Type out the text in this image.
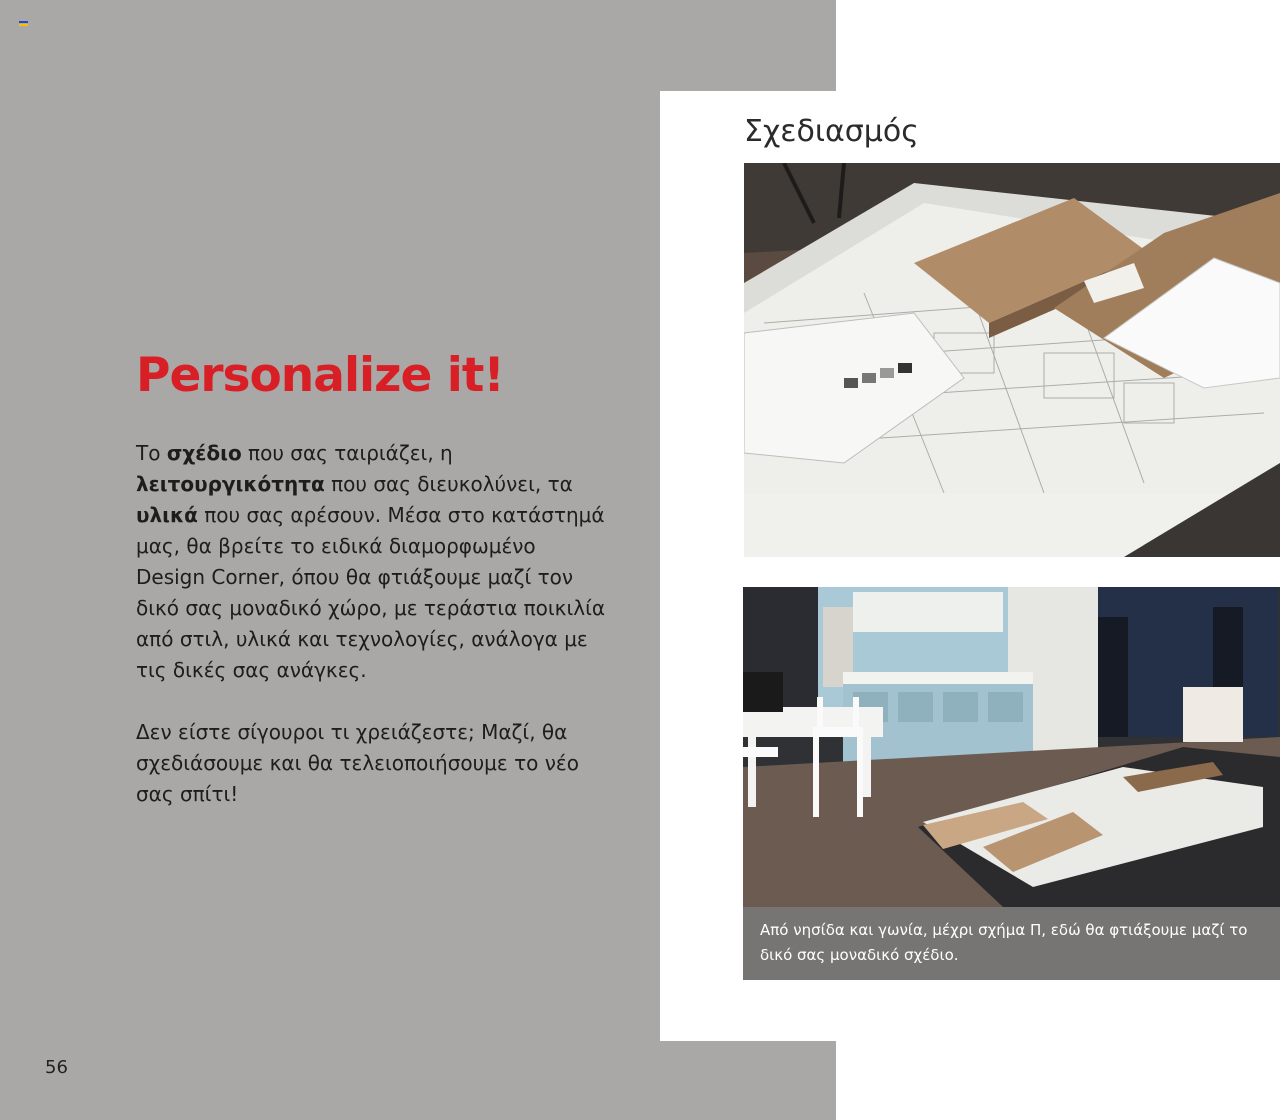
Personalize it!

Το σχέδιο που σας ταιριάζει, η λειτουργικότητα που σας διευκολύνει, τα υλικά που σας αρέσουν. Μέσα στο κατάστημά μας, θα βρείτε το ειδικά διαμορφωμένο Design Corner, όπου θα φτιάξουμε μαζί τον δικό σας μοναδικό χώρο, με τεράστια ποικιλία από στιλ, υλικά και τεχνολογίες, ανάλογα με τις δικές σας ανάγκες.

Δεν είστε σίγουροι τι χρειάζεστε; Μαζί, θα σχεδιάσουμε και θα τελειοποιήσουμε το νέο σας σπίτι!

56
Σχεδιασμός

Από νησίδα και γωνία, μέχρι σχήμα Π, εδώ θα φτιάξουμε μαζί το δικό σας μοναδικό σχέδιο.
